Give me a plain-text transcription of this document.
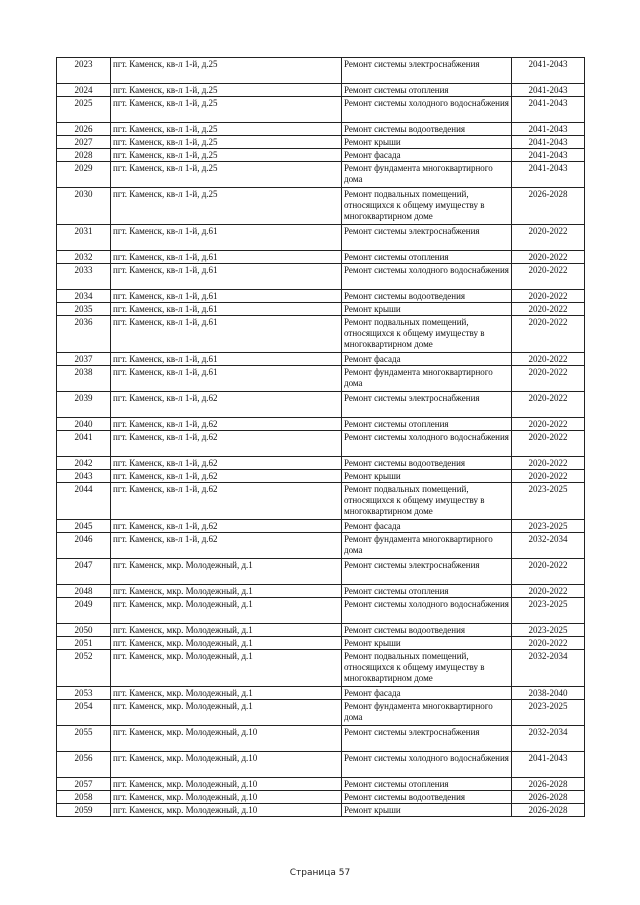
2023	пгт. Каменск, кв-л 1-й, д.25	Ремонт системы электроснабжения	2041-2043
2024	пгт. Каменск, кв-л 1-й, д.25	Ремонт системы отопления	2041-2043
2025	пгт. Каменск, кв-л 1-й, д.25	Ремонт системы холодного водоснабжения	2041-2043
2026	пгт. Каменск, кв-л 1-й, д.25	Ремонт системы водоотведения	2041-2043
2027	пгт. Каменск, кв-л 1-й, д.25	Ремонт крыши	2041-2043
2028	пгт. Каменск, кв-л 1-й, д.25	Ремонт фасада	2041-2043
2029	пгт. Каменск, кв-л 1-й, д.25	Ремонт фундамента многоквартирного дома	2041-2043
2030	пгт. Каменск, кв-л 1-й, д.25	Ремонт подвальных помещений, относящихся к общему имуществу в многоквартирном доме	2026-2028
2031	пгт. Каменск, кв-л 1-й, д.61	Ремонт системы электроснабжения	2020-2022
2032	пгт. Каменск, кв-л 1-й, д.61	Ремонт системы отопления	2020-2022
2033	пгт. Каменск, кв-л 1-й, д.61	Ремонт системы холодного водоснабжения	2020-2022
2034	пгт. Каменск, кв-л 1-й, д.61	Ремонт системы водоотведения	2020-2022
2035	пгт. Каменск, кв-л 1-й, д.61	Ремонт крыши	2020-2022
2036	пгт. Каменск, кв-л 1-й, д.61	Ремонт подвальных помещений, относящихся к общему имуществу в многоквартирном доме	2020-2022
2037	пгт. Каменск, кв-л 1-й, д.61	Ремонт фасада	2020-2022
2038	пгт. Каменск, кв-л 1-й, д.61	Ремонт фундамента многоквартирного дома	2020-2022
2039	пгт. Каменск, кв-л 1-й, д.62	Ремонт системы электроснабжения	2020-2022
2040	пгт. Каменск, кв-л 1-й, д.62	Ремонт системы отопления	2020-2022
2041	пгт. Каменск, кв-л 1-й, д.62	Ремонт системы холодного водоснабжения	2020-2022
2042	пгт. Каменск, кв-л 1-й, д.62	Ремонт системы водоотведения	2020-2022
2043	пгт. Каменск, кв-л 1-й, д.62	Ремонт крыши	2020-2022
2044	пгт. Каменск, кв-л 1-й, д.62	Ремонт подвальных помещений, относящихся к общему имуществу в многоквартирном доме	2023-2025
2045	пгт. Каменск, кв-л 1-й, д.62	Ремонт фасада	2023-2025
2046	пгт. Каменск, кв-л 1-й, д.62	Ремонт фундамента многоквартирного дома	2032-2034
2047	пгт. Каменск, мкр. Молодежный, д.1	Ремонт системы электроснабжения	2020-2022
2048	пгт. Каменск, мкр. Молодежный, д.1	Ремонт системы отопления	2020-2022
2049	пгт. Каменск, мкр. Молодежный, д.1	Ремонт системы холодного водоснабжения	2023-2025
2050	пгт. Каменск, мкр. Молодежный, д.1	Ремонт системы водоотведения	2023-2025
2051	пгт. Каменск, мкр. Молодежный, д.1	Ремонт крыши	2020-2022
2052	пгт. Каменск, мкр. Молодежный, д.1	Ремонт подвальных помещений, относящихся к общему имуществу в многоквартирном доме	2032-2034
2053	пгт. Каменск, мкр. Молодежный, д.1	Ремонт фасада	2038-2040
2054	пгт. Каменск, мкр. Молодежный, д.1	Ремонт фундамента многоквартирного дома	2023-2025
2055	пгт. Каменск, мкр. Молодежный, д.10	Ремонт системы электроснабжения	2032-2034
2056	пгт. Каменск, мкр. Молодежный, д.10	Ремонт системы холодного водоснабжения	2041-2043
2057	пгт. Каменск, мкр. Молодежный, д.10	Ремонт системы отопления	2026-2028
2058	пгт. Каменск, мкр. Молодежный, д.10	Ремонт системы водоотведения	2026-2028
2059	пгт. Каменск, мкр. Молодежный, д.10	Ремонт крыши	2026-2028
Страница 57
